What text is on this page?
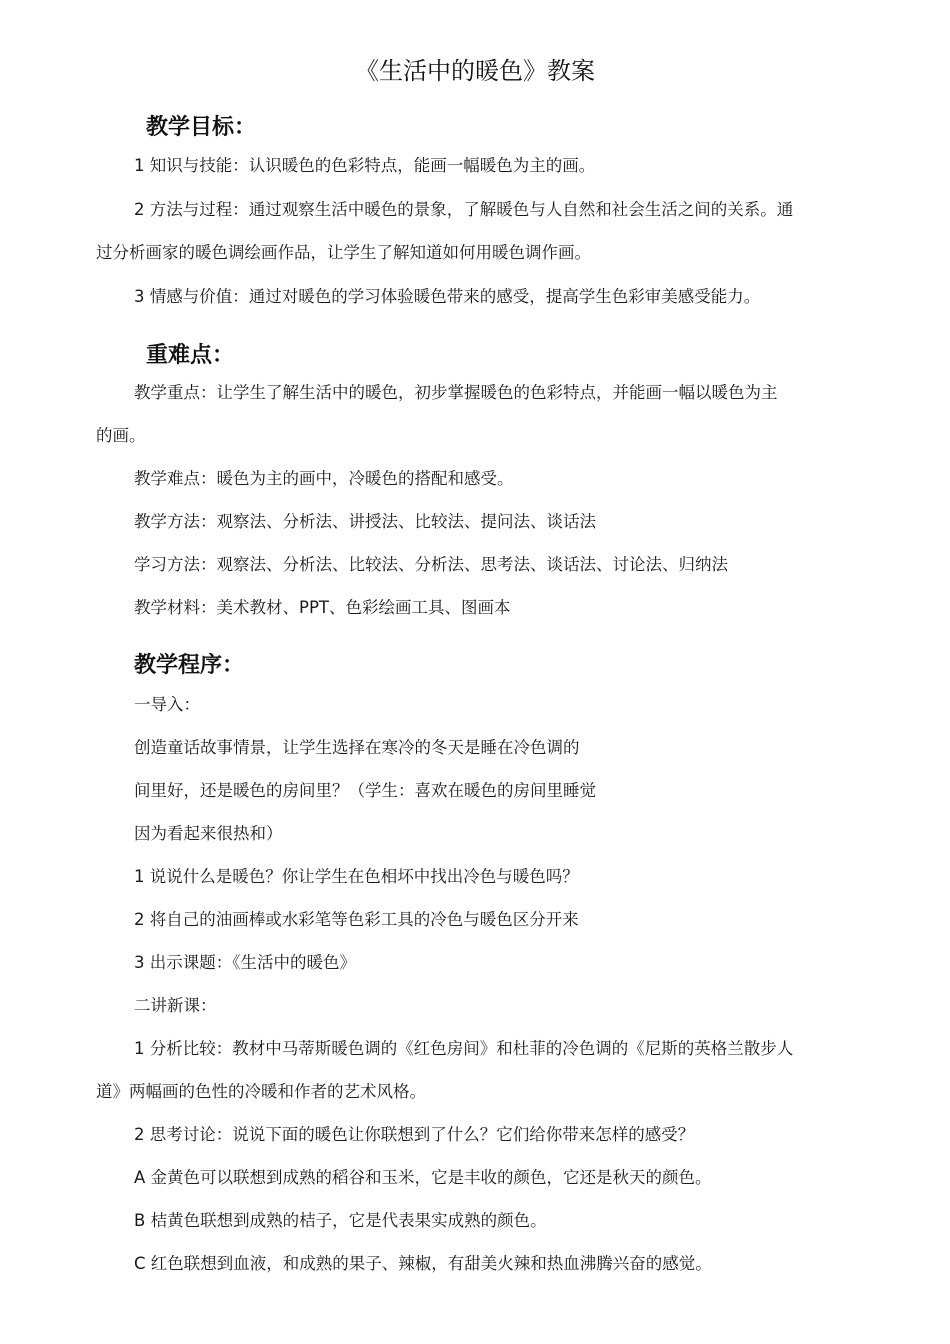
《生活中的暖色》教案
教学目标：
1 知识与技能：认识暖色的色彩特点，能画一幅暖色为主的画。
2 方法与过程：通过观察生活中暖色的景象，了解暖色与人自然和社会生活之间的关系。通
过分析画家的暖色调绘画作品，让学生了解知道如何用暖色调作画。
3 情感与价值：通过对暖色的学习体验暖色带来的感受，提高学生色彩审美感受能力。
重难点：
教学重点：让学生了解生活中的暖色，初步掌握暖色的色彩特点，并能画一幅以暖色为主
的画。
教学难点：暖色为主的画中，冷暖色的搭配和感受。
教学方法：观察法、分析法、讲授法、比较法、提问法、谈话法
学习方法：观察法、分析法、比较法、分析法、思考法、谈话法、讨论法、归纳法
教学材料：美术教材、PPT、色彩绘画工具、图画本
教学程序：
一导入：
创造童话故事情景，让学生选择在寒冷的冬天是睡在冷色调的
间里好，还是暖色的房间里？（学生：喜欢在暖色的房间里睡觉
因为看起来很热和）
1 说说什么是暖色？你让学生在色相坏中找出冷色与暖色吗？
2 将自己的油画棒或水彩笔等色彩工具的冷色与暖色区分开来
3 出示课题：《生活中的暖色》
二讲新课：
1 分析比较：教材中马蒂斯暖色调的《红色房间》和杜菲的冷色调的《尼斯的英格兰散步人
道》两幅画的色性的冷暖和作者的艺术风格。
2 思考讨论：说说下面的暖色让你联想到了什么？它们给你带来怎样的感受？
A 金黄色可以联想到成熟的稻谷和玉米，它是丰收的颜色，它还是秋天的颜色。
B 桔黄色联想到成熟的桔子，它是代表果实成熟的颜色。
C 红色联想到血液，和成熟的果子、辣椒，有甜美火辣和热血沸腾兴奋的感觉。
